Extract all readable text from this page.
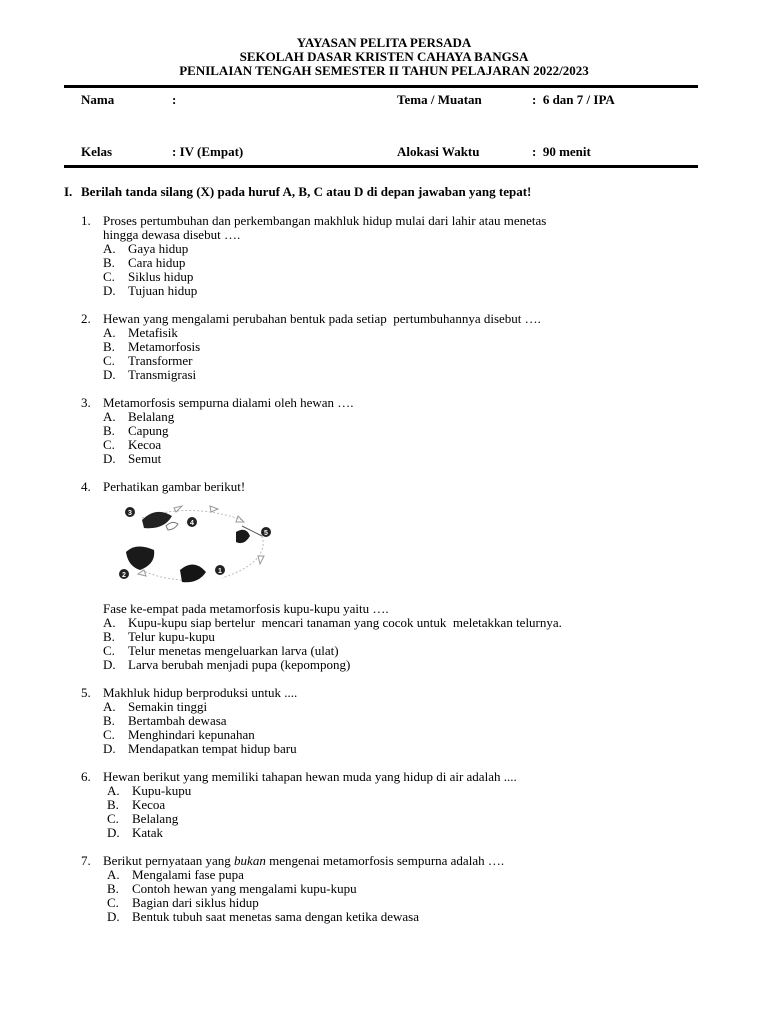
YAYASAN PELITA PERSADA
SEKOLAH DASAR KRISTEN CAHAYA BANGSA
PENILAIAN TENGAH SEMESTER II TAHUN PELAJARAN 2022/2023
Nama	:	Tema / Muatan	:  6 dan 7 / IPA
Kelas	: IV (Empat)	Alokasi Waktu	:  90 menit
I. Berilah tanda silang (X) pada huruf A, B, C atau D di depan jawaban yang tepat!
1. Proses pertumbuhan dan perkembangan makhluk hidup mulai dari lahir atau menetas
hingga dewasa disebut ….
A. Gaya hidup
B.	Cara hidup
C.	Siklus hidup
D. Tujuan hidup
2. Hewan yang mengalami perubahan bentuk pada setiap  pertumbuhannya disebut ….
A. Metafisik
B.	Metamorfosis
C.	Transformer
D. Transmigrasi
3. Metamorfosis sempurna dialami oleh hewan ….
A. Belalang
B.	Capung
C.	Kecoa
D. Semut
4. Perhatikan gambar berikut!
3
4
5
2
1
Fase ke-empat pada metamorfosis kupu-kupu yaitu ….
A. Kupu-kupu siap bertelur  mencari tanaman yang cocok untuk  meletakkan telurnya.
B.	Telur kupu-kupu
C.	Telur menetas mengeluarkan larva (ulat)
D. Larva berubah menjadi pupa (kepompong)
5. Makhluk hidup berproduksi untuk ....
A. Semakin tinggi
B.	Bertambah dewasa
C.	Menghindari kepunahan
D. Mendapatkan tempat hidup baru
6. Hewan berikut yang memiliki tahapan hewan muda yang hidup di air adalah ....
A. Kupu-kupu
B.	Kecoa
C.	Belalang
D. Katak
7. Berikut pernyataan yang bukan mengenai metamorfosis sempurna adalah ….
A. Mengalami fase pupa
B.	Contoh hewan yang mengalami kupu-kupu
C.	Bagian dari siklus hidup
D. Bentuk tubuh saat menetas sama dengan ketika dewasa
